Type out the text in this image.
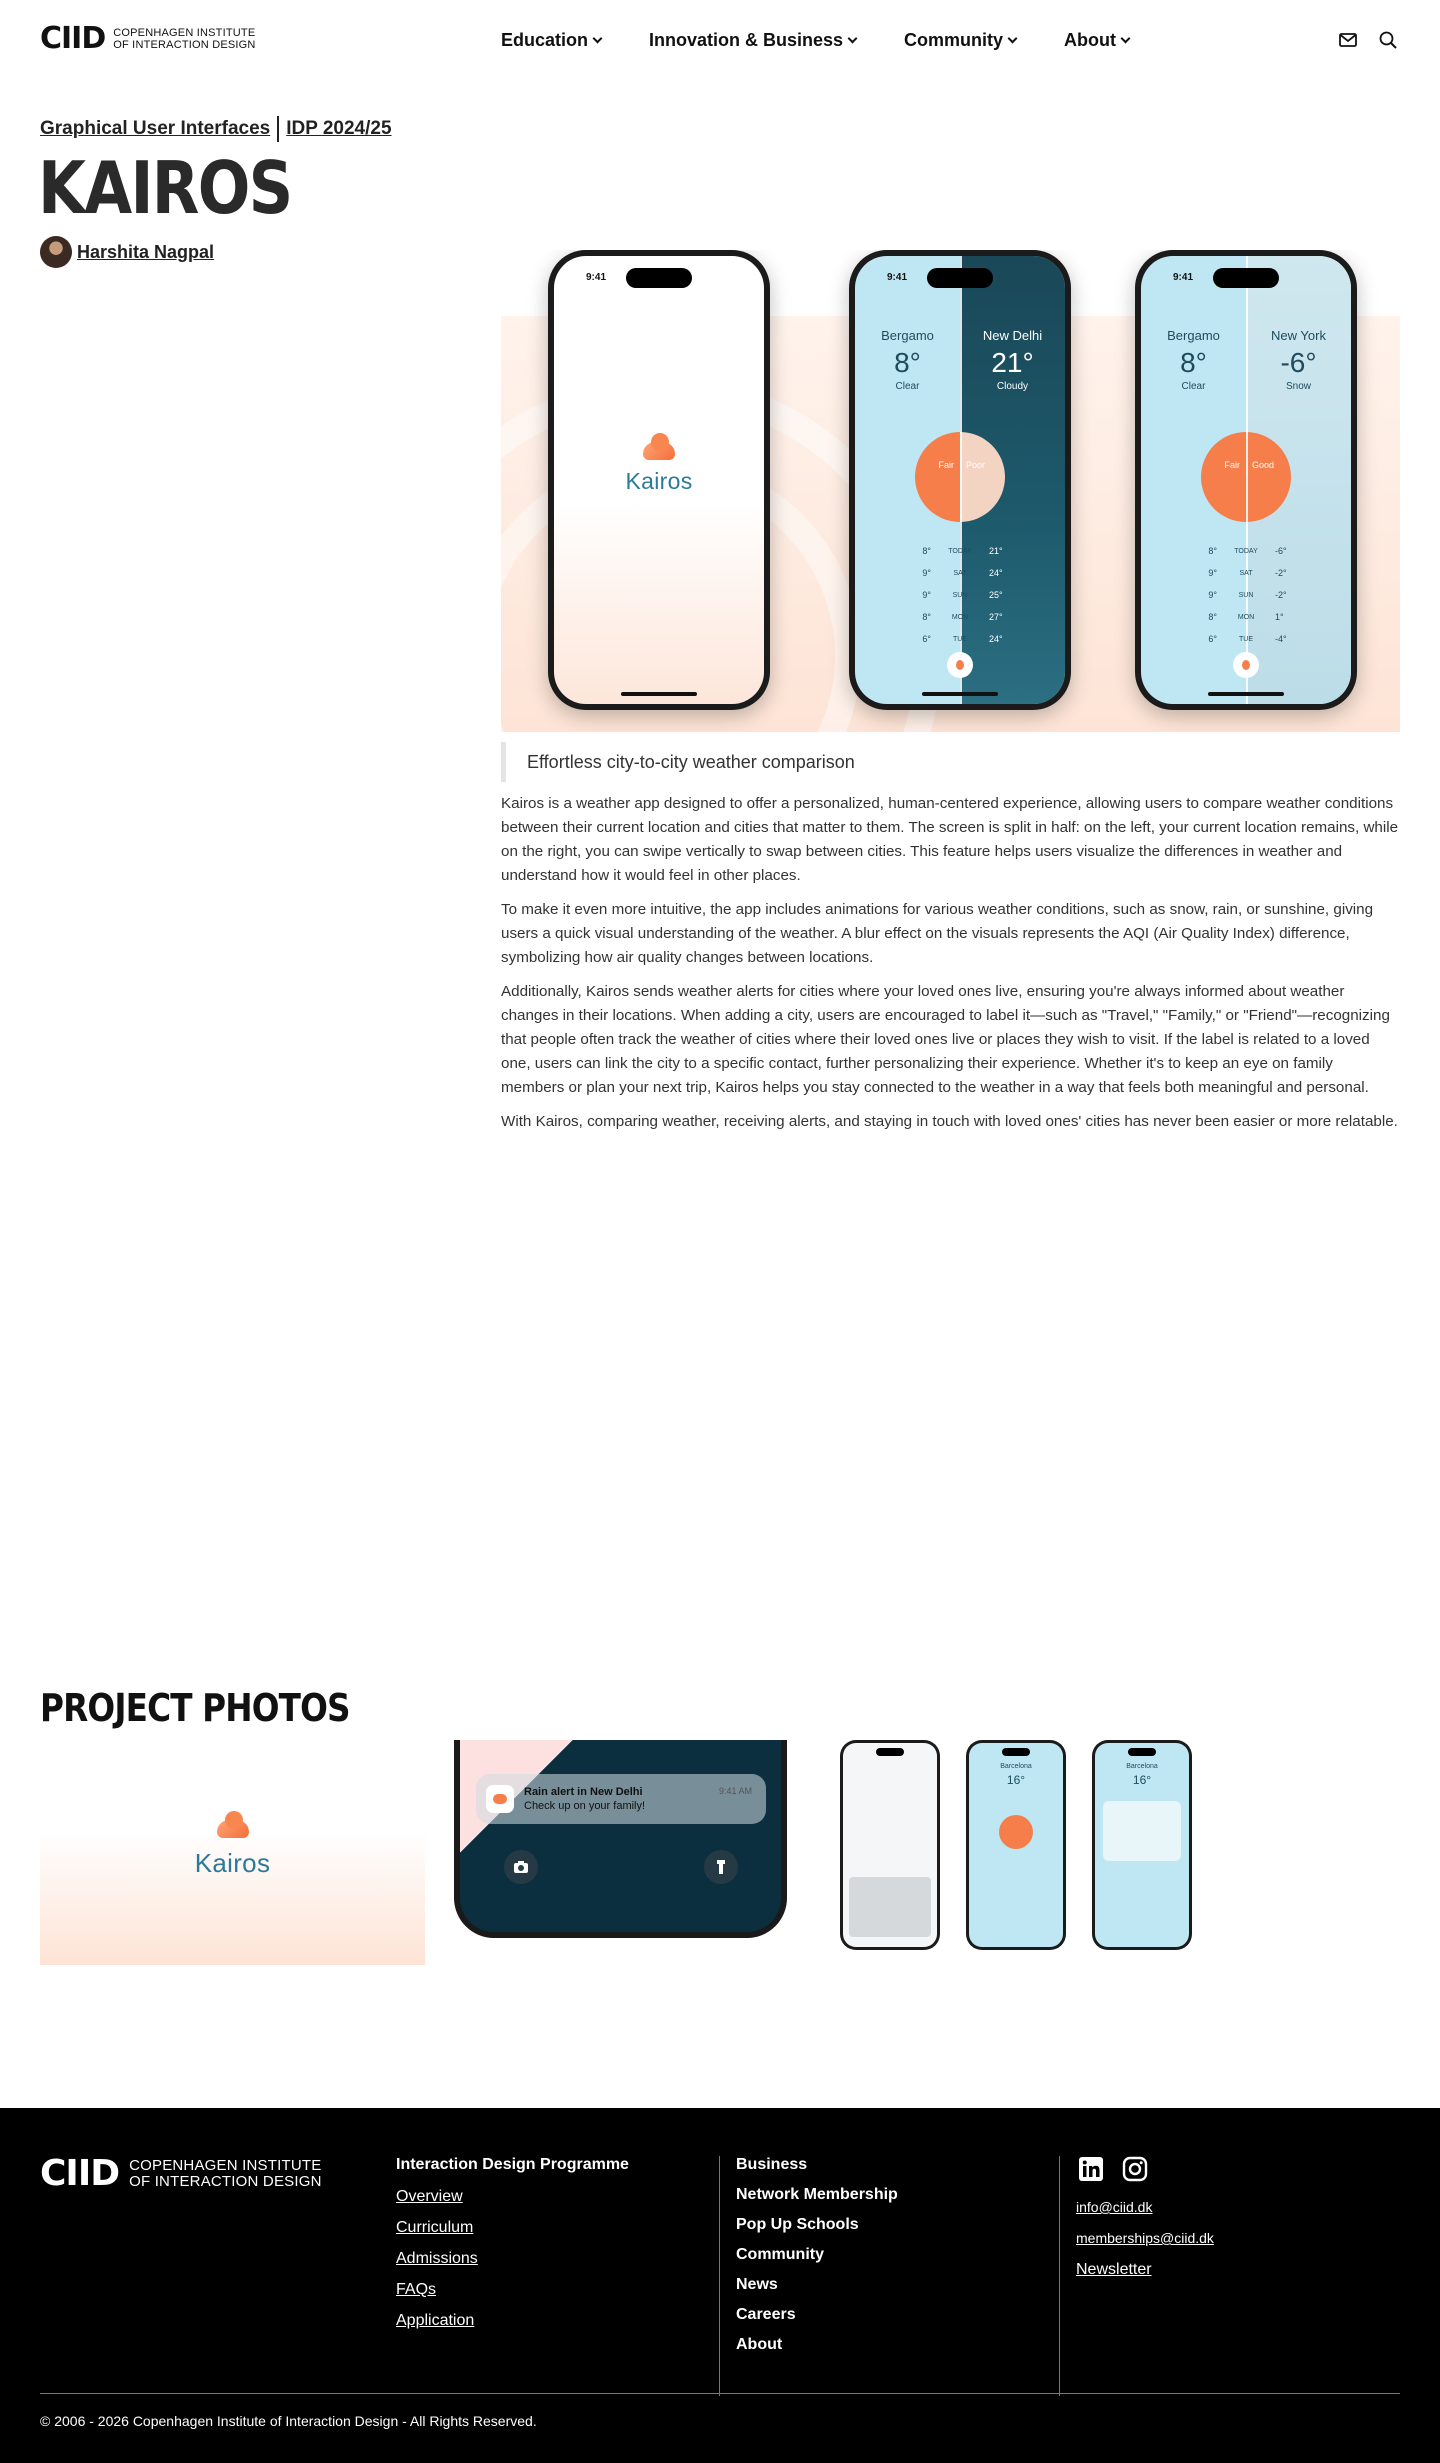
CIID COPENHAGEN INSTITUTE
OF INTERACTION DESIGN	Education	Innovation & Business	Community	About
Graphical User Interfaces IDP 2024/25
KAIROS
Harshita Nagpal
9:41
Kairos
9:41
Bergamo
8°
Clear
New Delhi
21°
Cloudy
Fair	Poor
8°	TODAY	21°
9°	SAT	24°
9°	SUN	25°
8°	MON	27°
6°	TUE	24°
9:41
Bergamo
8°
Clear
New York
-6°
Snow
Fair	Good
8°	TODAY	-6°
9°	SAT	-2°
9°	SUN	-2°
8°	MON	1°
6°	TUE	-4°
Effortless city-to-city weather comparison

Kairos is a weather app designed to offer a personalized, human-centered experience, allowing users to compare weather conditions between their current location and cities that matter to them. The screen is split in half: on the left, your current location remains, while on the right, you can swipe vertically to swap between cities. This feature helps users visualize the differences in weather and understand how it would feel in other places.

To make it even more intuitive, the app includes animations for various weather conditions, such as snow, rain, or sunshine, giving users a quick visual understanding of the weather. A blur effect on the visuals represents the AQI (Air Quality Index) difference, symbolizing how air quality changes between locations.

Additionally, Kairos sends weather alerts for cities where your loved ones live, ensuring you're always informed about weather changes in their locations. When adding a city, users are encouraged to label it—such as "Travel," "Family," or "Friend"—recognizing that people often track the weather of cities where their loved ones live or places they wish to visit. If the label is related to a loved one, users can link the city to a specific contact, further personalizing their experience. Whether it's to keep an eye on family members or plan your next trip, Kairos helps you stay connected to the weather in a way that feels both meaningful and personal.

With Kairos, comparing weather, receiving alerts, and staying in touch with loved ones' cities has never been easier or more relatable.

PROJECT PHOTOS
Kairos
Rain alert in New Delhi
Check up on your family!
9:41 AM
Barcelona
16°
Barcelona
16°
CIID COPENHAGEN INSTITUTE
OF INTERACTION DESIGN
Interaction Design Programme
Overview
Curriculum
Admissions
FAQs
Application
Business
Network Membership
Pop Up Schools
Community
News
Careers
About
info@ciid.dk
memberships@ciid.dk
Newsletter
© 2006 - 2026 Copenhagen Institute of Interaction Design - All Rights Reserved.
